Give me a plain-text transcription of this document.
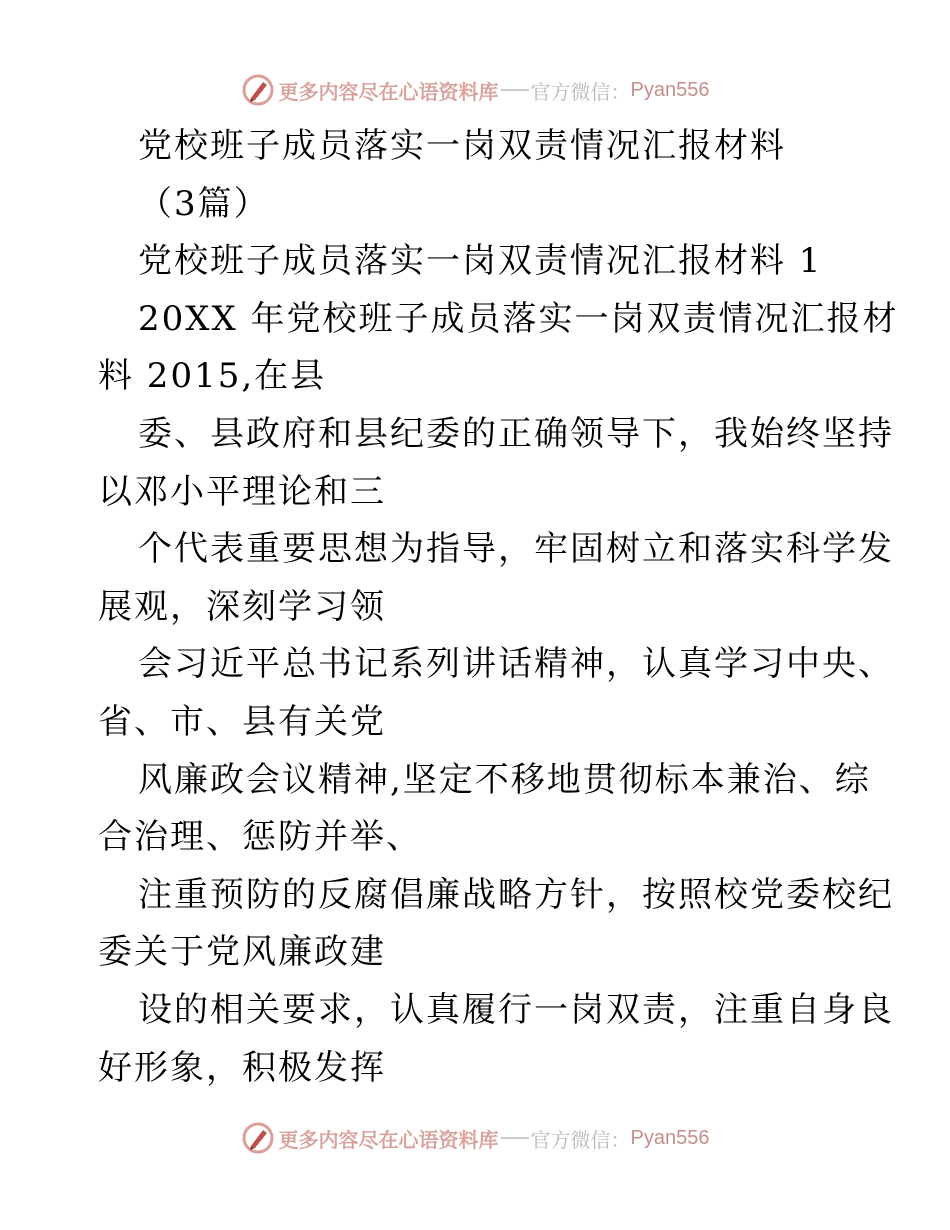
更多内容尽在心语资料库 官方微信： Pyan556
党校班子成员落实一岗双责情况汇报材料
（3篇）
党校班子成员落实一岗双责情况汇报材料 1
20XX 年党校班子成员落实一岗双责情况汇报材
料 2015,在县
委、县政府和县纪委的正确领导下，我始终坚持
以邓小平理论和三
个代表重要思想为指导，牢固树立和落实科学发
展观，深刻学习领
会习近平总书记系列讲话精神，认真学习中央、
省、市、县有关党
风廉政会议精神,坚定不移地贯彻标本兼治、综
合治理、惩防并举、
注重预防的反腐倡廉战略方针，按照校党委校纪
委关于党风廉政建
设的相关要求，认真履行一岗双责，注重自身良
好形象，积极发挥
更多内容尽在心语资料库 官方微信： Pyan556
